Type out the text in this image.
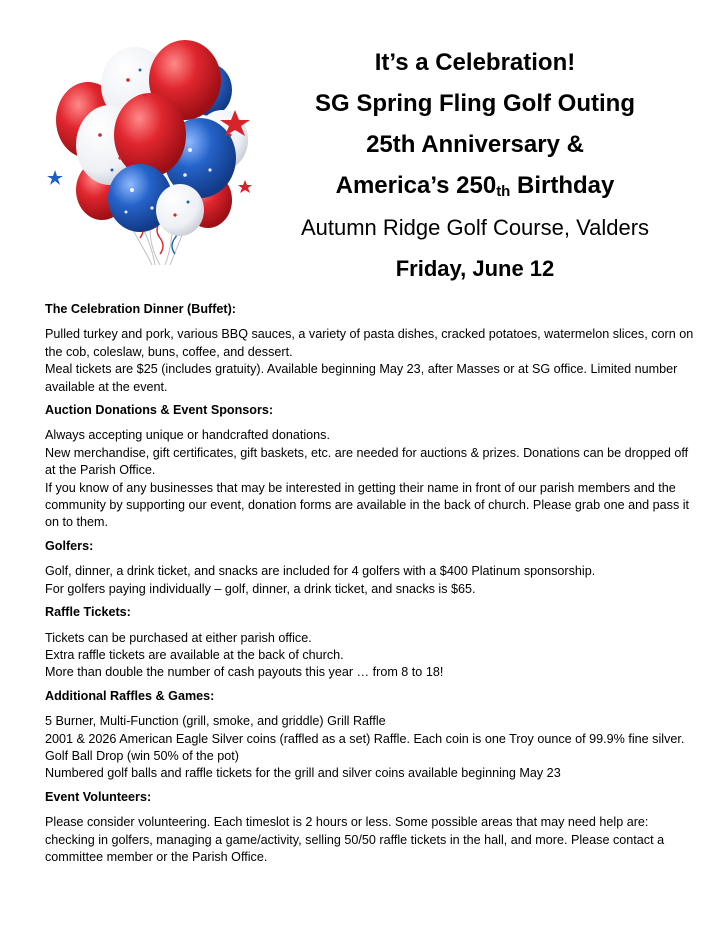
It’s a Celebration!
SG Spring Fling Golf Outing
25th Anniversary &
America’s $250_{th}$ Birthday
Autumn Ridge Golf Course, Valders
Friday, June 12
The Celebration Dinner (Buffet):

Pulled turkey and pork, various BBQ sauces, a variety of pasta dishes, cracked potatoes, watermelon slices, corn on the cob, coleslaw, buns, coffee, and dessert.

Meal tickets are $25 (includes gratuity). Available beginning May 23, after Masses or at SG office. Limited number available at the event.

Auction Donations & Event Sponsors:

Always accepting unique or handcrafted donations.

New merchandise, gift certificates, gift baskets, etc. are needed for auctions & prizes. Donations can be dropped off at the Parish Office.

If you know of any businesses that may be interested in getting their name in front of our parish members and the community by supporting our event, donation forms are available in the back of church. Please grab one and pass it on to them.

Golfers:

Golf, dinner, a drink ticket, and snacks are included for 4 golfers with a $400 Platinum sponsorship.

For golfers paying individually – golf, dinner, a drink ticket, and snacks is $65.

Raffle Tickets:

Tickets can be purchased at either parish office.

Extra raffle tickets are available at the back of church.

More than double the number of cash payouts this year … from 8 to 18!

Additional Raffles & Games:

5 Burner, Multi-Function (grill, smoke, and griddle) Grill Raffle

2001 & 2026 American Eagle Silver coins (raffled as a set) Raffle. Each coin is one Troy ounce of 99.9% fine silver.

Golf Ball Drop (win 50% of the pot)

Numbered golf balls and raffle tickets for the grill and silver coins available beginning May 23

Event Volunteers:

Please consider volunteering. Each timeslot is 2 hours or less. Some possible areas that may need help are: checking in golfers, managing a game/activity, selling 50/50 raffle tickets in the hall, and more. Please contact a committee member or the Parish Office.
